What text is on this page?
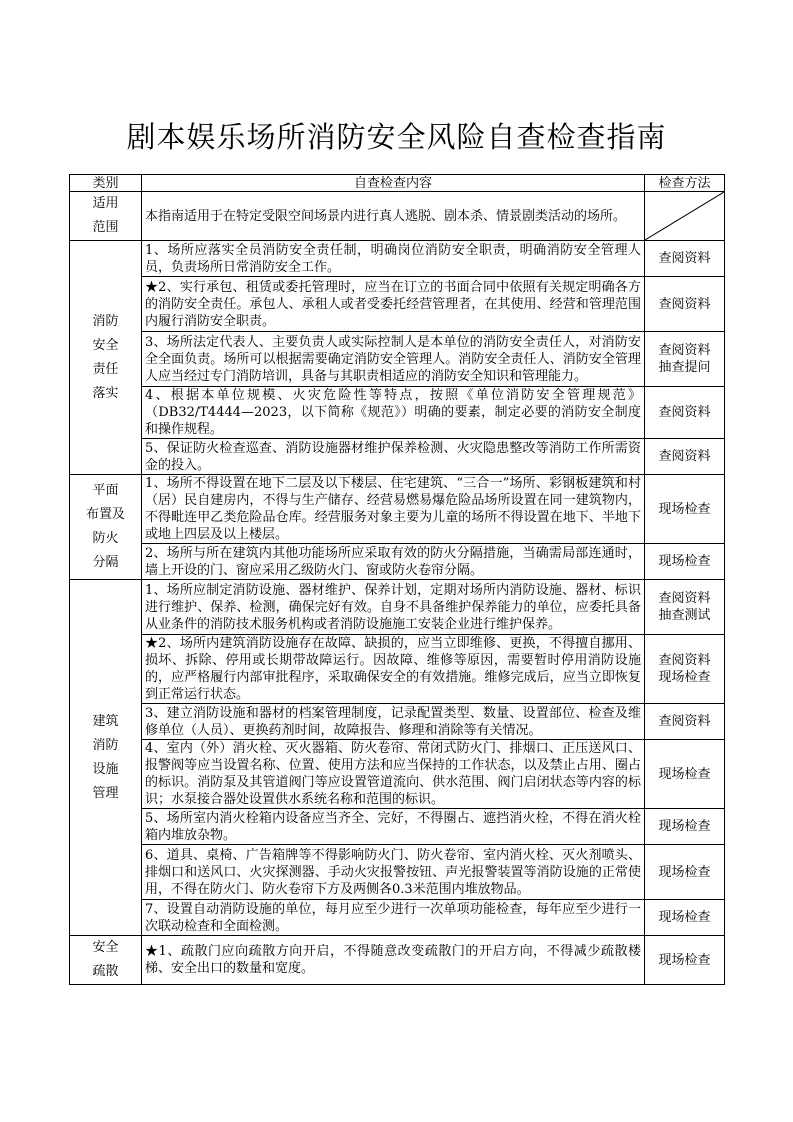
剧本娱乐场所消防安全风险自查检查指南
类别	自查检查内容	检查方法

适用
范围	本指南适用于在特定受限空间场景内进行真人逃脱、剧本杀、情景剧类活动的场所。	

消防
安全
责任
落实	1、场所应落实全员消防安全责任制，明确岗位消防安全职责，明确消防安全管理人员，负责场所日常消防安全工作。	查阅资料

	★2、实行承包、租赁或委托管理时，应当在订立的书面合同中依照有关规定明确各方的消防安全责任。承包人、承租人或者受委托经营管理者，在其使用、经营和管理范围内履行消防安全职责。	查阅资料

	3、场所法定代表人、主要负责人或实际控制人是本单位的消防安全责任人，对消防安全全面负责。场所可以根据需要确定消防安全管理人。消防安全责任人、消防安全管理人应当经过专门消防培训，具备与其职责相适应的消防安全知识和管理能力。	查阅资料
抽查提问

	4、根据本单位规模、火灾危险性等特点，按照《单位消防安全管理规范》（DB32/T4444—2023，以下简称《规范》）明确的要素，制定必要的消防安全制度和操作规程。	查阅资料

	5、保证防火检查巡查、消防设施器材维护保养检测、火灾隐患整改等消防工作所需资金的投入。	查阅资料

平面
布置及
防火
分隔	1、场所不得设置在地下二层及以下楼层、住宅建筑、“三合一”场所、彩钢板建筑和村（居）民自建房内，不得与生产储存、经营易燃易爆危险品场所设置在同一建筑物内，不得毗连甲乙类危险品仓库。经营服务对象主要为儿童的场所不得设置在地下、半地下或地上四层及以上楼层。	现场检查

	2、场所与所在建筑内其他功能场所应采取有效的防火分隔措施，当确需局部连通时，墙上开设的门、窗应采用乙级防火门、窗或防火卷帘分隔。	现场检查

建筑
消防
设施
管理	1、场所应制定消防设施、器材维护、保养计划，定期对场所内消防设施、器材、标识进行维护、保养、检测，确保完好有效。自身不具备维护保养能力的单位，应委托具备从业条件的消防技术服务机构或者消防设施施工安装企业进行维护保养。	查阅资料
抽查测试

	★2、场所内建筑消防设施存在故障、缺损的，应当立即维修、更换，不得擅自挪用、损坏、拆除、停用或长期带故障运行。因故障、维修等原因，需要暂时停用消防设施的，应严格履行内部审批程序，采取确保安全的有效措施。维修完成后，应当立即恢复到正常运行状态。	查阅资料
现场检查

	3、建立消防设施和器材的档案管理制度，记录配置类型、数量、设置部位、检查及维修单位（人员）、更换药剂时间，故障报告、修理和消除等有关情况。	查阅资料

	4、室内（外）消火栓、灭火器箱、防火卷帘、常闭式防火门、排烟口、正压送风口、报警阀等应当设置名称、位置、使用方法和应当保持的工作状态，以及禁止占用、圈占的标识。消防泵及其管道阀门等应设置管道流向、供水范围、阀门启闭状态等内容的标识；水泵接合器处设置供水系统名称和范围的标识。	现场检查

	5、场所室内消火栓箱内设备应当齐全、完好，不得圈占、遮挡消火栓，不得在消火栓箱内堆放杂物。	现场检查

	6、道具、桌椅、广告箱牌等不得影响防火门、防火卷帘、室内消火栓、灭火剂喷头、排烟口和送风口、火灾探测器、手动火灾报警按钮、声光报警装置等消防设施的正常使用，不得在防火门、防火卷帘下方及两侧各0.3米范围内堆放物品。	现场检查

	7、设置自动消防设施的单位，每月应至少进行一次单项功能检查，每年应至少进行一次联动检查和全面检测。	现场检查

安全
疏散	★1、疏散门应向疏散方向开启，不得随意改变疏散门的开启方向，不得减少疏散楼梯、安全出口的数量和宽度。	现场检查
